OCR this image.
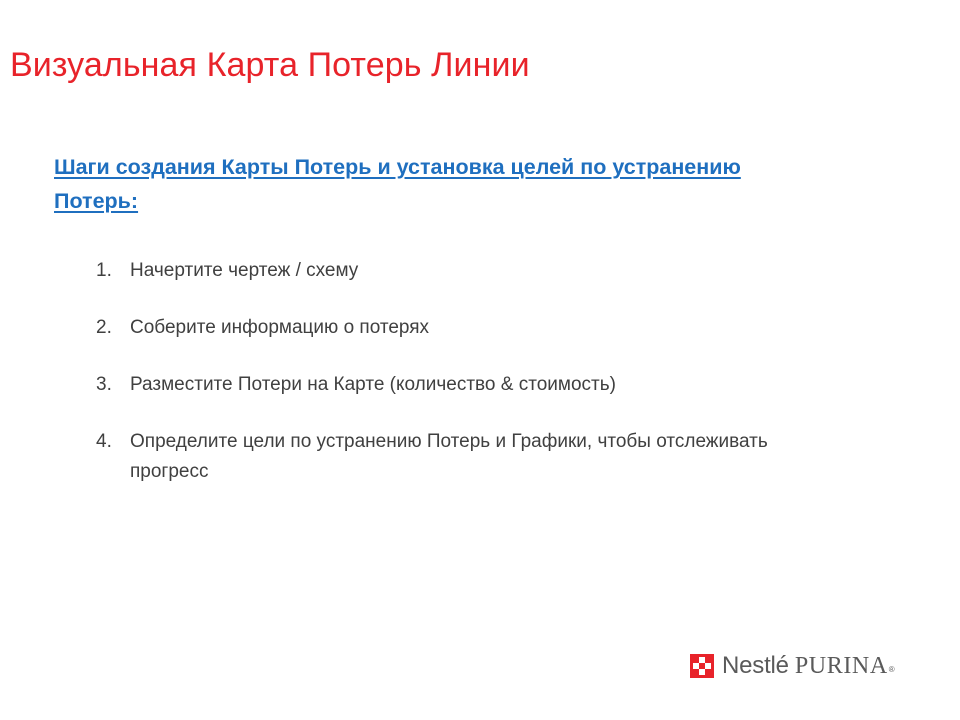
Визуальная Карта Потерь Линии

Шаги создания Карты Потерь и установка целей по устранению Потерь:

1. Начертите чертеж / схему
2. Соберите информацию о потерях
3. Разместите Потери на Карте (количество & стоимость)
4. Определите цели по устранению Потерь и Графики, чтобы отслеживать прогресс
Nestlé PURINA ®
